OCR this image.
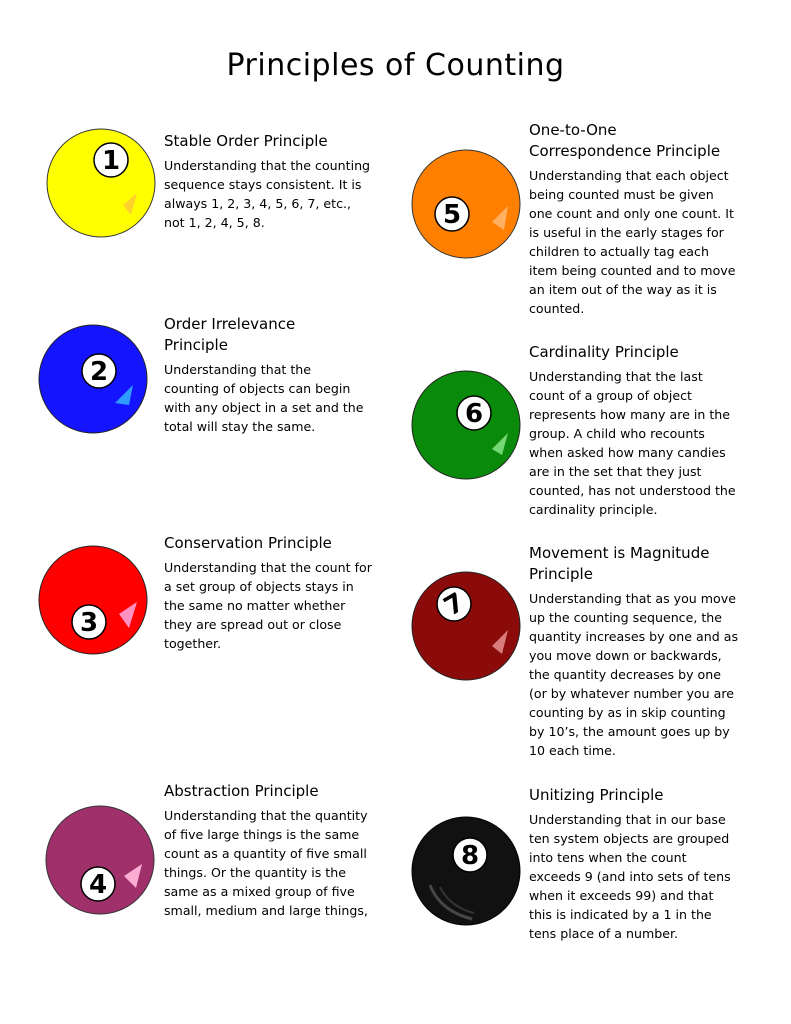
Principles of Counting
1
Stable Order Principle

Understanding that the counting sequence stays consistent. It is always 1, 2, 3, 4, 5, 6, 7, etc., not 1, 2, 4, 5, 8.

2
Order Irrelevance Principle

Understanding that the counting of objects can begin with any object in a set and the total will stay the same.

3
Conservation Principle

Understanding that the count for a set group of objects stays in the same no matter whether they are spread out or close together.

4
Abstraction Principle

Understanding that the quantity of five large things is the same count as a quantity of five small things. Or the quantity is the same as a mixed group of five small, medium and large things,

5
One-to-One Correspondence Principle

Understanding that each object being counted must be given one count and only one count. It is useful in the early stages for children to actually tag each item being counted and to move an item out of the way as it is counted.

6
Cardinality Principle

Understanding that the last count of a group of object represents how many are in the group. A child who recounts when asked how many candies are in the set that they just counted, has not understood the cardinality principle.

7
Movement is Magnitude Principle

Understanding that as you move up the counting sequence, the quantity increases by one and as you move down or backwards, the quantity decreases by one (or by whatever number you are counting by as in skip counting by 10’s, the amount goes up by 10 each time.

8
Unitizing Principle

Understanding that in our base ten system objects are grouped into tens when the count exceeds 9 (and into sets of tens when it exceeds 99) and that this is indicated by a 1 in the tens place of a number.
